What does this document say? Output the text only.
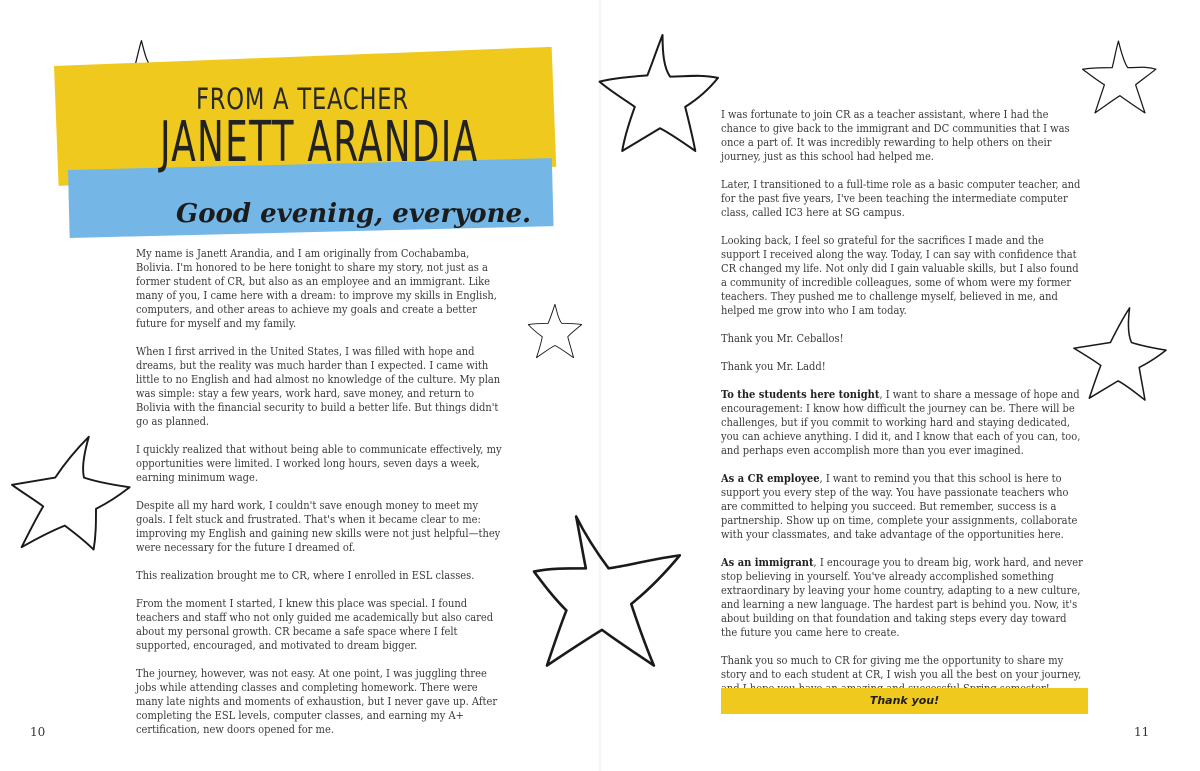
FROM A TEACHER
JANETT ARANDIA
Good evening, everyone.

My name is Janett Arandia, and I am originally from Cochabamba, Bolivia. I'm honored to be here tonight to share my story, not just as a former student of CR, but also as an employee and an immigrant. Like many of you, I came here with a dream: to improve my skills in English, computers, and other areas to achieve my goals and create a better future for myself and my family.

When I first arrived in the United States, I was filled with hope and dreams, but the reality was much harder than I expected. I came with little to no English and had almost no knowledge of the culture. My plan was simple: stay a few years, work hard, save money, and return to Bolivia with the financial security to build a better life. But things didn't go as planned.

I quickly realized that without being able to communicate effectively, my opportunities were limited. I worked long hours, seven days a week, earning minimum wage.

Despite all my hard work, I couldn't save enough money to meet my goals. I felt stuck and frustrated. That's when it became clear to me: improving my English and gaining new skills were not just helpful—they were necessary for the future I dreamed of.

This realization brought me to CR, where I enrolled in ESL classes.

From the moment I started, I knew this place was special. I found teachers and staff who not only guided me academically but also cared about my personal growth. CR became a safe space where I felt supported, encouraged, and motivated to dream bigger.

The journey, however, was not easy. At one point, I was juggling three jobs while attending classes and completing homework. There were many late nights and moments of exhaustion, but I never gave up. After completing the ESL levels, computer classes, and earning my A+ certification, new doors opened for me.

I was fortunate to join CR as a teacher assistant, where I had the chance to give back to the immigrant and DC communities that I was once a part of. It was incredibly rewarding to help others on their journey, just as this school had helped me.

Later, I transitioned to a full-time role as a basic computer teacher, and for the past five years, I've been teaching the intermediate computer class, called IC3 here at SG campus.

Looking back, I feel so grateful for the sacrifices I made and the support I received along the way. Today, I can say with confidence that CR changed my life. Not only did I gain valuable skills, but I also found a community of incredible colleagues, some of whom were my former teachers. They pushed me to challenge myself, believed in me, and helped me grow into who I am today.

Thank you Mr. Ceballos!

Thank you Mr. Ladd!

To the students here tonight, I want to share a message of hope and encouragement: I know how difficult the journey can be. There will be challenges, but if you commit to working hard and staying dedicated, you can achieve anything. I did it, and I know that each of you can, too, and perhaps even accomplish more than you ever imagined.

As a CR employee, I want to remind you that this school is here to support you every step of the way. You have passionate teachers who are committed to helping you succeed. But remember, success is a partnership. Show up on time, complete your assignments, collaborate with your classmates, and take advantage of the opportunities here.

As an immigrant, I encourage you to dream big, work hard, and never stop believing in yourself. You've already accomplished something extraordinary by leaving your home country, adapting to a new culture, and learning a new language. The hardest part is behind you. Now, it's about building on that foundation and taking steps every day toward the future you came here to create.

Thank you so much to CR for giving me the opportunity to share my story and to each student at CR, I wish you all the best on your journey,

Thank you!
10	11
